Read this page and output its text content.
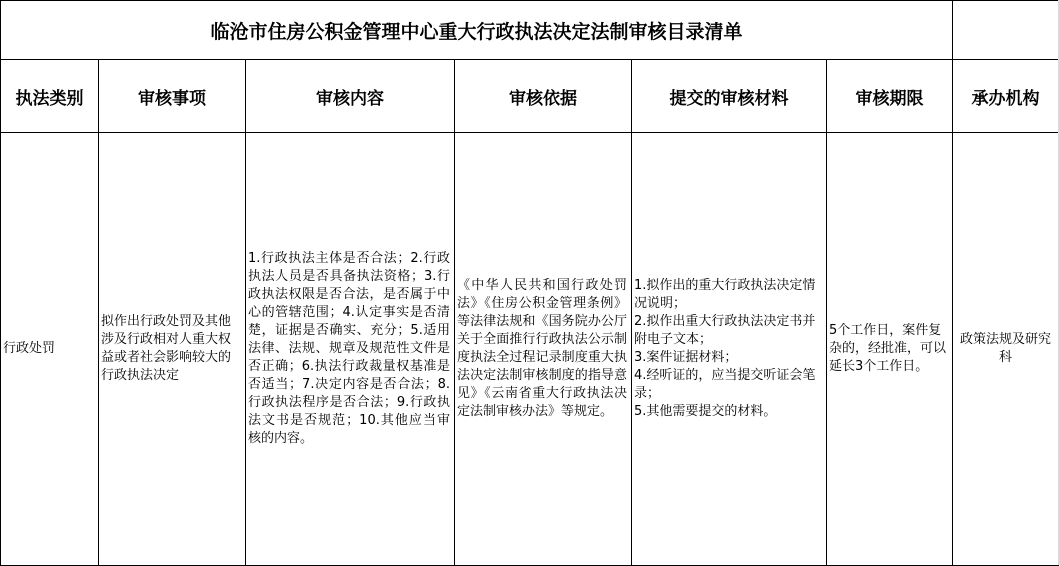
临沧市住房公积金管理中心重大行政执法决定法制审核目录清单						
执法类别	审核事项	审核内容	审核依据	提交的审核材料	审核期限	承办机构
行政处罚	拟作出行政处罚及其他涉及行政相对人重大权益或者社会影响较大的行政执法决定	1.行政执法主体是否合法；2.行政执法人员是否具备执法资格；3.行政执法权限是否合法，是否属于中心的管辖范围；4.认定事实是否清楚，证据是否确实、充分；5.适用法律、法规、规章及规范性文件是否正确；6.执法行政裁量权基准是否适当；7.决定内容是否合法；8.行政执法程序是否合法；9.行政执法文书是否规范；10.其他应当审核的内容。	《中华人民共和国行政处罚法》《住房公积金管理条例》等法律法规和《国务院办公厅关于全面推行行政执法公示制度执法全过程记录制度重大执法决定法制审核制度的指导意见》《云南省重大行政执法决定法制审核办法》等规定。	1.拟作出的重大行政执法决定情况说明；
2.拟作出重大行政执法决定书并附电子文本；
3.案件证据材料；
4.经听证的，应当提交听证会笔录；
5.其他需要提交的材料。	5个工作日，案件复杂的，经批准，可以延长3个工作日。	政策法规及研究科
